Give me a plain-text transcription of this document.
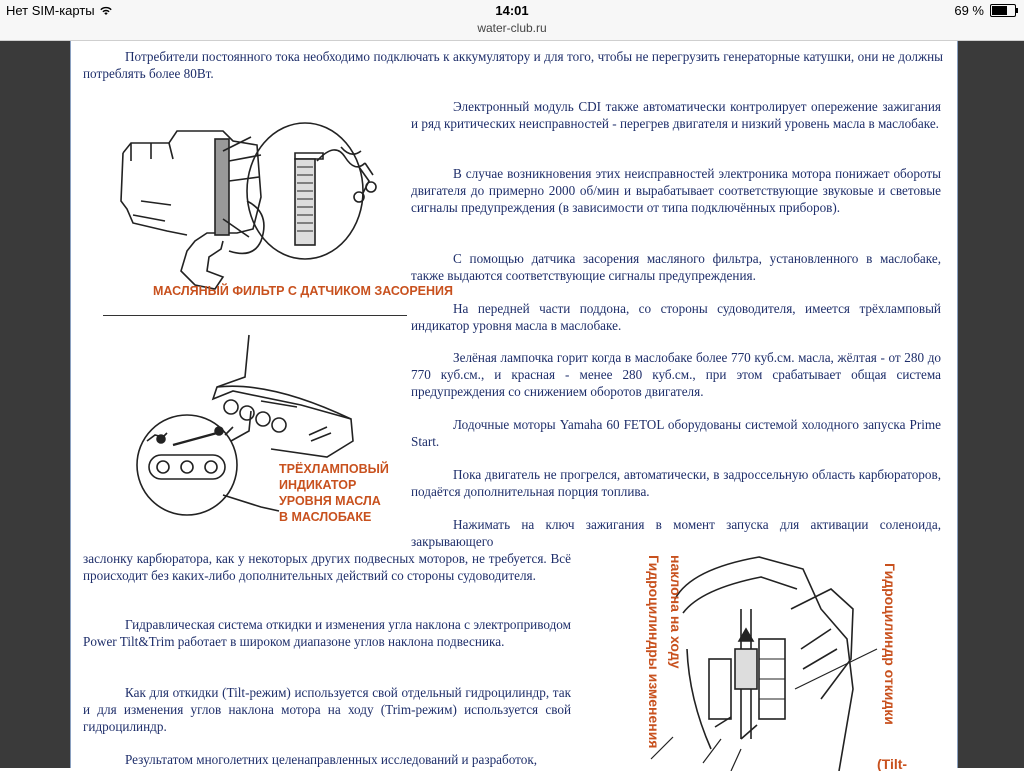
Нет SIM-карты	14:01	69 %
water-club.ru

Потребители постоянного тока необходимо подключать к аккумулятору и для того, чтобы не перегрузить генераторные катушки, они не должны потреблять более 80Вт.

МАСЛЯНЫЙ ФИЛЬТР С ДАТЧИКОМ ЗАСОРЕНИЯ
ТРЁХЛАМПОВЫЙ ИНДИКАТОР УРОВНЯ МАСЛА В МАСЛОБАКЕ

Электронный модуль CDI также автоматически контролирует опережение зажигания и ряд критических неисправностей - перегрев двигателя и низкий уровень масла в маслобаке.

В случае возникновения этих неисправностей электроника мотора понижает обороты двигателя до примерно 2000 об/мин и вырабатывает соответствующие звуковые и световые сигналы предупреждения (в зависимости от типа подключённых приборов).

С помощью датчика засорения масляного фильтра, установленного в маслобаке, также выдаются соответствующие сигналы предупреждения.

На передней части поддона, со стороны судоводителя, имеется трёхламповый индикатор уровня масла в маслобаке.

Зелёная лампочка горит когда в маслобаке более 770 куб.см. масла, жёлтая - от 280 до 770 куб.см., и красная - менее 280 куб.см., при этом срабатывает общая система предупреждения со снижением оборотов двигателя.

Лодочные моторы Yamaha 60 FETOL оборудованы системой холодного запуска Prime Start.

Пока двигатель не прогрелся, автоматически, в задроссельную область карбюраторов, подаётся дополнительная порция топлива.

Нажимать на ключ зажигания в момент запуска для активации соленоида, закрывающего

заслонку карбюратора, как у некоторых других подвесных моторов, не требуется. Всё происходит без каких-либо дополнительных действий со стороны судоводителя.

Гидравлическая система откидки и изменения угла наклона с электроприводом Power Tilt&Trim работает в широком диапазоне углов наклона подвесника.

Как для откидки (Tilt-режим) используется свой отдельный гидроцилиндр, так и для изменения углов наклона мотора на ходу (Trim-режим) используется свой гидроцилиндр.

Результатом многолетних целенаправленных исследований и разработок,

Гидроцилиндры изменения наклона на ходу	Гидроцилиндр откидки
(Tilt-
